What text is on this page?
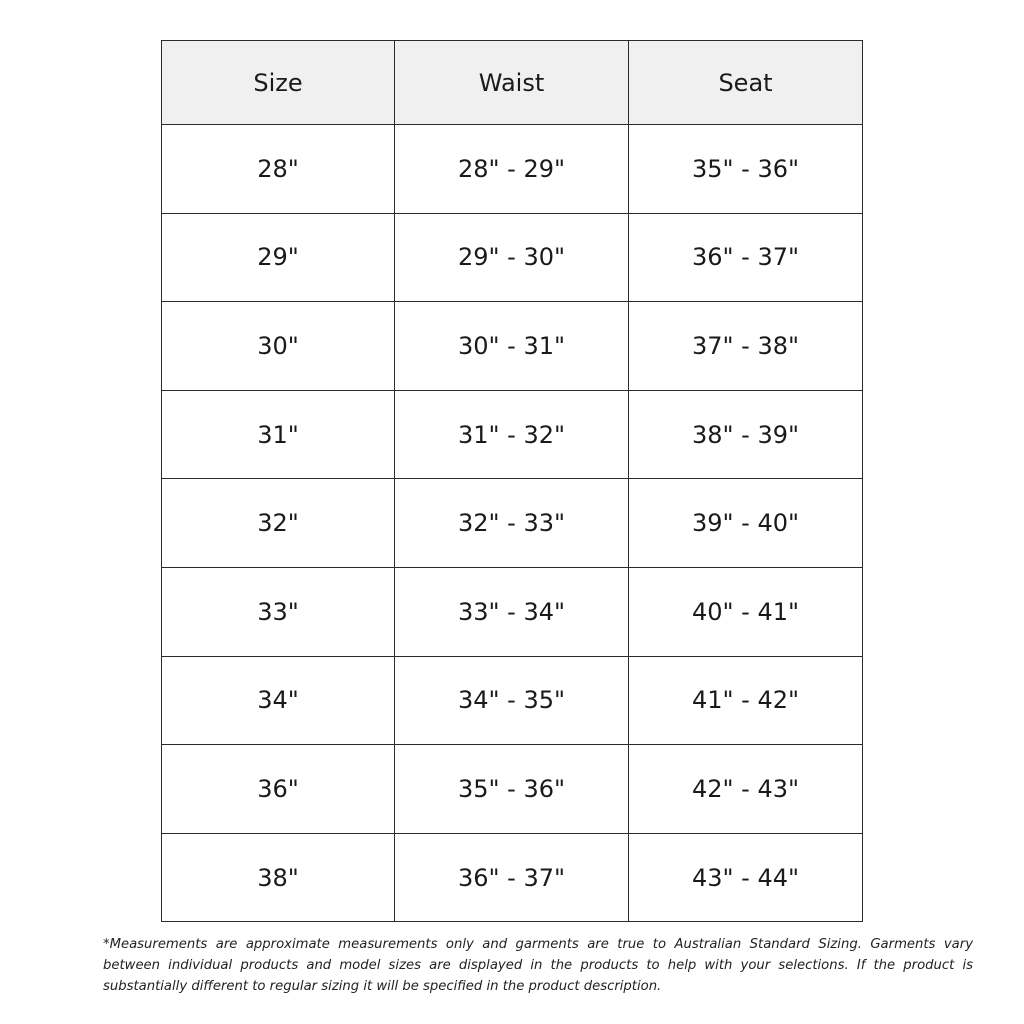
Size	Waist	Seat
28"	28" - 29"	35" - 36"
29"	29" - 30"	36" - 37"
30"	30" - 31"	37" - 38"
31"	31" - 32"	38" - 39"
32"	32" - 33"	39" - 40"
33"	33" - 34"	40" - 41"
34"	34" - 35"	41" - 42"
36"	35" - 36"	42" - 43"
38"	36" - 37"	43" - 44"

*Measurements are approximate measurements only and garments are true to Australian Standard Sizing. Garments vary between individual products and model sizes are displayed in the products to help with your selections. If the product is substantially different to regular sizing it will be specified in the product description.
